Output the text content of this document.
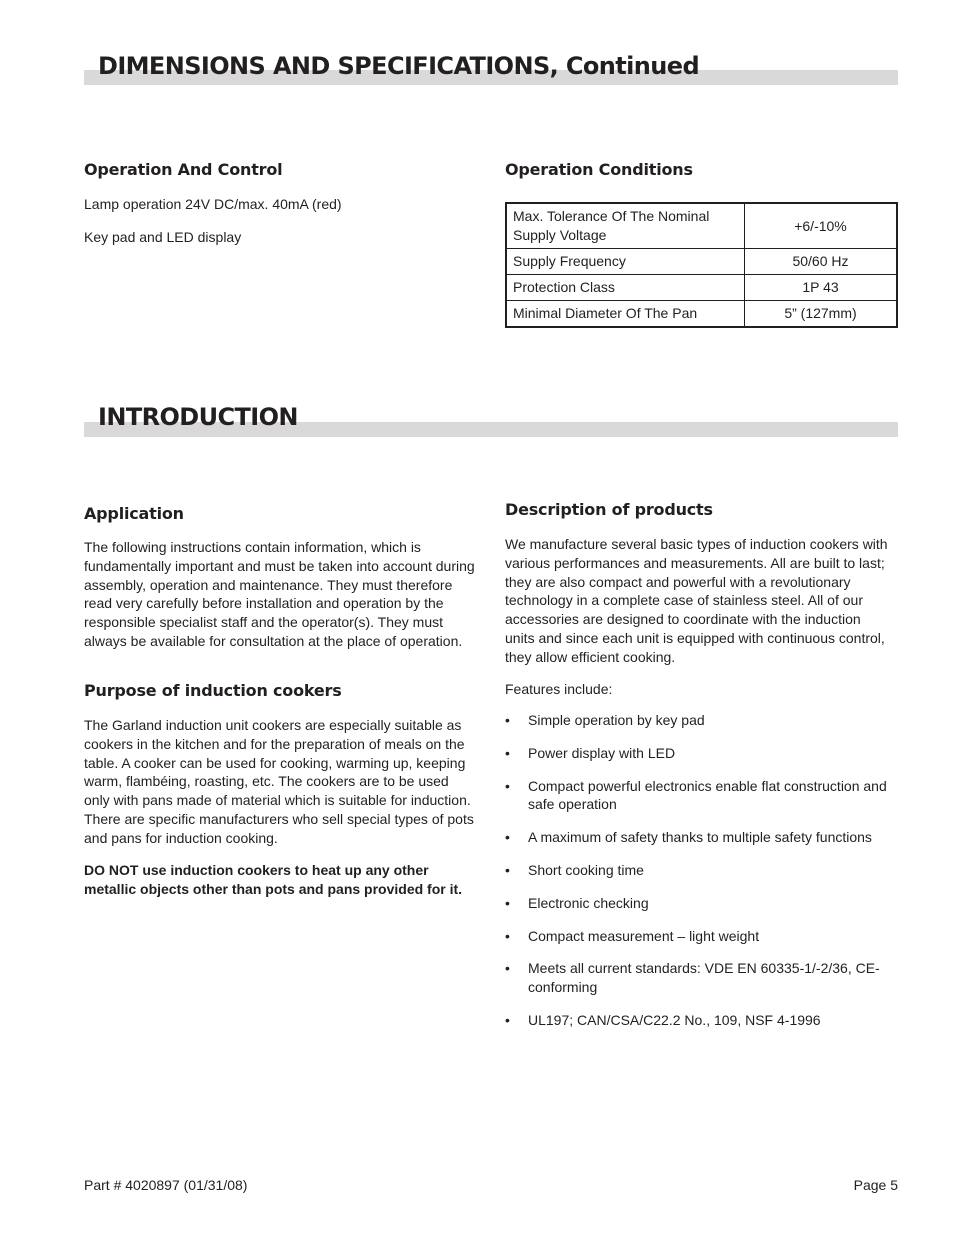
DIMENSIONS AND SPECIFICATIONS, Continued
Operation And Control

Lamp operation 24V DC/max. 40mA (red)

Key pad and LED display

Operation Conditions
Max. Tolerance Of The Nominal Supply Voltage	+6/-10%
Supply Frequency	50/60 Hz
Protection Class	1P 43
Minimal Diameter Of The Pan	5” (127mm)
INTRODUCTION
Application

The following instructions contain information, which is fundamentally important and must be taken into account during assembly, operation and maintenance. They must therefore read very carefully before installation and operation by the responsible specialist staff and the operator(s). They must always be available for consultation at the place of operation.

Purpose of induction cookers

The Garland induction unit cookers are especially suitable as cookers in the kitchen and for the preparation of meals on the table. A cooker can be used for cooking, warming up, keeping warm, flambéing, roasting, etc. The cookers are to be used only with pans made of material which is suitable for induction. There are specific manufacturers who sell special types of pots and pans for induction cooking.

DO NOT use induction cookers to heat up any other metallic objects other than pots and pans provided for it.

Description of products

We manufacture several basic types of induction cookers with various performances and measurements. All are built to last; they are also compact and powerful with a revolutionary technology in a complete case of stainless steel. All of our accessories are designed to coordinate with the induction units and since each unit is equipped with continuous control, they allow efficient cooking.

Features include:

• Simple operation by key pad
• Power display with LED
• Compact powerful electronics enable flat construction and safe operation
• A maximum of safety thanks to multiple safety functions
• Short cooking time
• Electronic checking
• Compact measurement – light weight
• Meets all current standards: VDE EN 60335-1/-2/36, CE-conforming
• UL197; CAN/CSA/C22.2 No., 109, NSF 4-1996
Part # 4020897 (01/31/08)	Page 5
